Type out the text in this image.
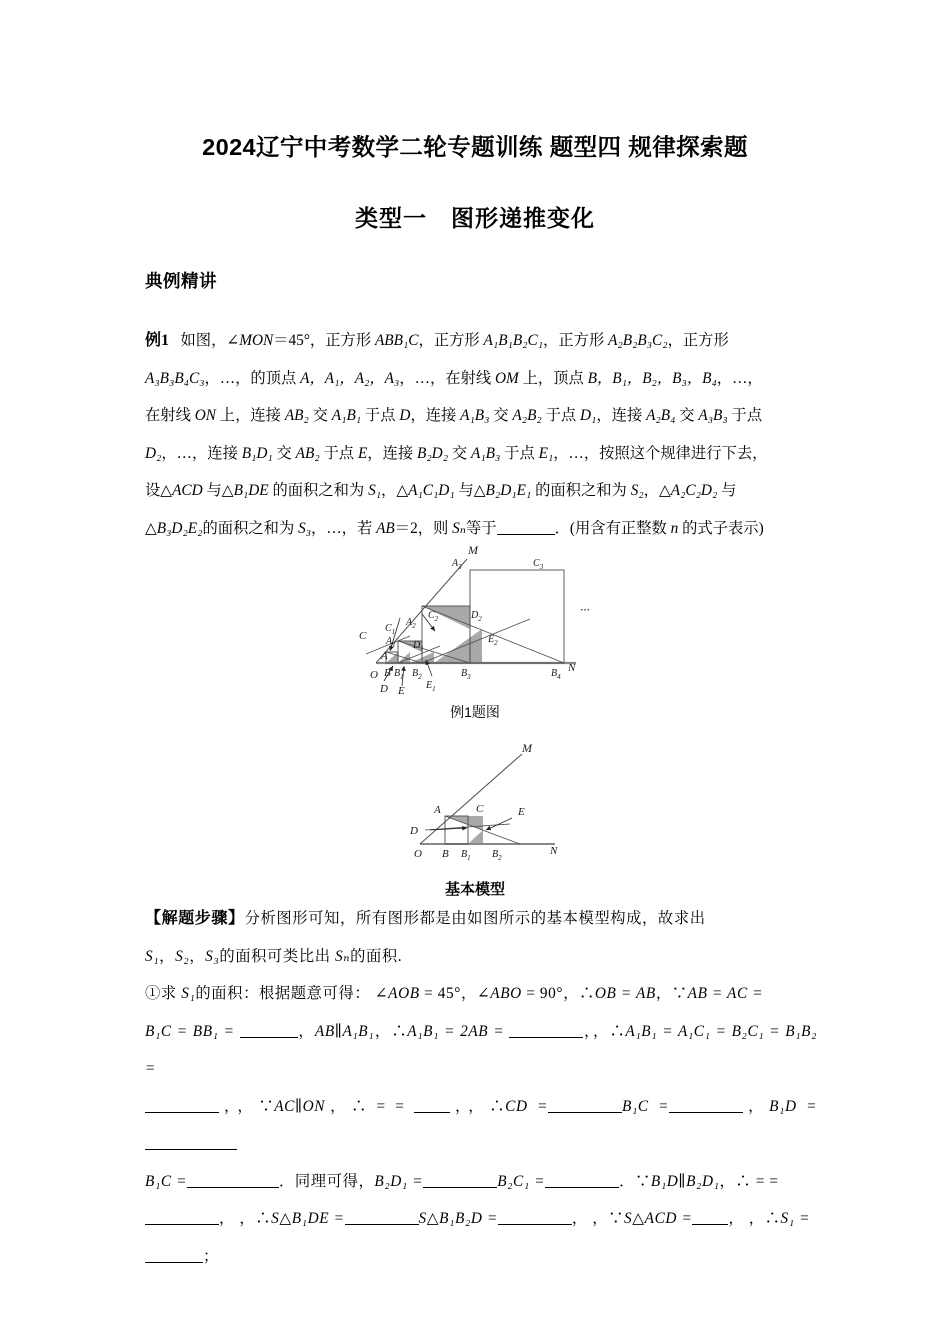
2024辽宁中考数学二轮专题训练 题型四 规律探索题
类型一　图形递推变化
典例精讲
例1 如图，∠MON＝45°，正方形 ABB₁C，正方形 A₁B₁B₂C₁，正方形 A₂B₂B₃C₂，正方形
A₃B₃B₄C₃，…，的顶点 A，A₁，A₂，A₃，…，在射线 OM 上，顶点 B，B₁，B₂，B₃，B₄，…，
在射线 ON 上，连接 AB₂ 交 A₁B₁ 于点 D，连接 A₁B₃ 交 A₂B₂ 于点 D₁，连接 A₂B₄ 交 A₃B₃ 于点
D₂，…，连接 B₁D₁ 交 AB₂ 于点 E，连接 B₂D₂ 交 A₁B₃ 于点 E₁，…，按照这个规律进行下去，
设△ACD 与△B₁DE 的面积之和为 S₁，△A₁C₁D₁ 与△B₂D₁E₁ 的面积之和为 S₂，△A₂C₂D₂ 与
△B₃D₂E₂的面积之和为 S₃，…，若 AB＝2，则 Sₙ等于	．(用含有正整数 n 的式子表示)
M
N
O
A
$A_1$
$A_2$
$A_3$
B $B_1$ $B_2$	$B_3$	$B_4$
C
$C_1$
$C_2$
$C_3$
D
$D_1$
$D_2$
E $E_1$
$E_2$
···
例1题图
M
N
O
A
B $B_1$ $B_2$
C
D
E
基本模型
【解题步骤】分析图形可知，所有图形都是由如图所示的基本模型构成，故求出
S₁，S₂，S₃的面积可类比出 Sₙ的面积.
①求 S₁的面积：根据题意可得： ∠AOB = 45°，∠ABO = 90°，∴OB = AB，∵AB = AC =
B₁C = BB₁ =	，AB∥A₁B₁，∴A₁B₁ = 2AB =	，，∴A₁B₁ = A₁C₁ = B₂C₁ = B₁B₂ =
，，∵AC∥ON，∴ = =	，，∴CD =	B₁C =	，B₁D =
B₁C =	．同理可得，B₂D₁ =	B₂C₁ =	．∵B₁D∥B₂D₁，∴ = =
， ，∴S△B₁DE =	S△B₁B₂D =	， ，∵S△ACD = ， ，∴S₁ =
；
